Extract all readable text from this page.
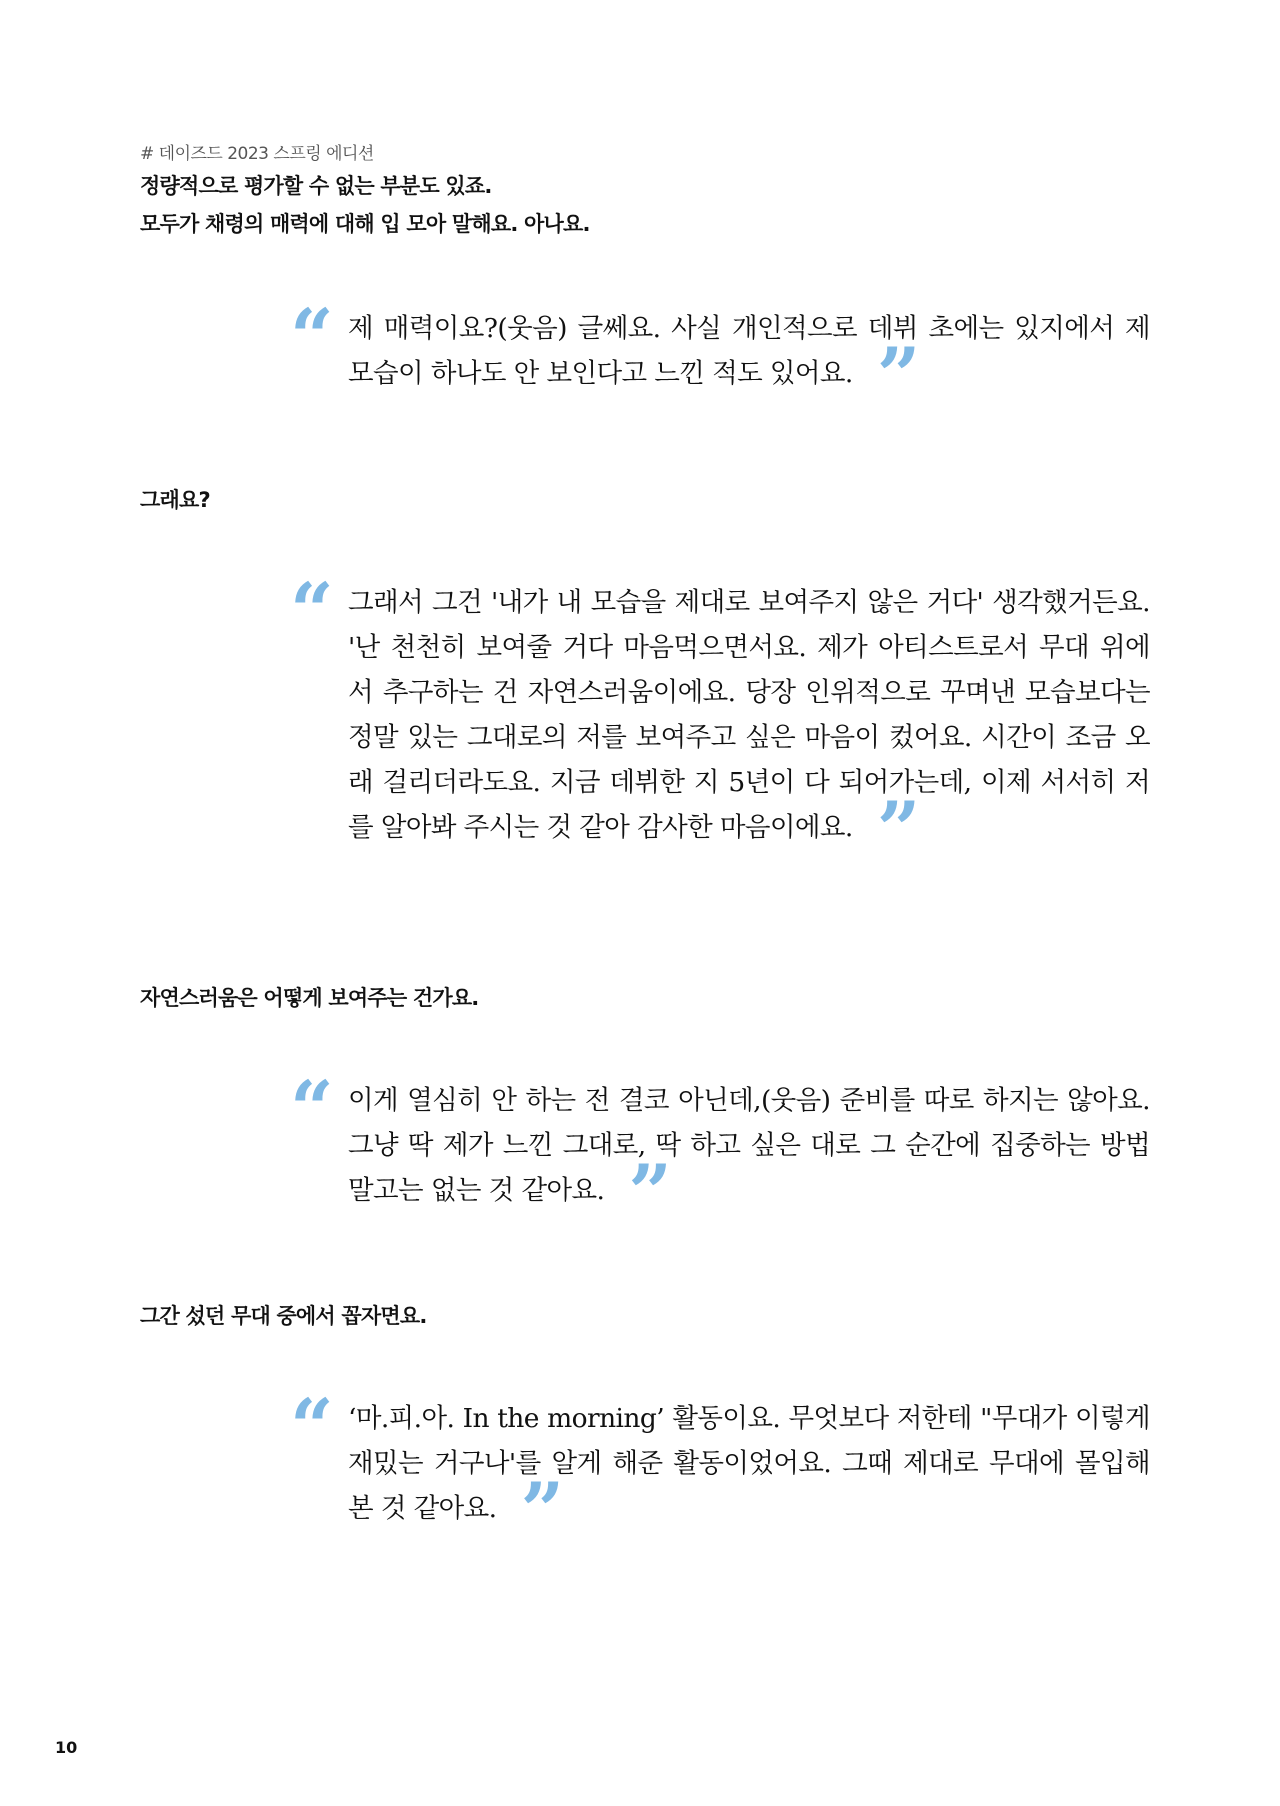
# 데이즈드 2023 스프링 에디션
정량적으로 평가할 수 없는 부분도 있죠.
모두가 채령의 매력에 대해 입 모아 말해요. 아나요.
“ 제 매력이요?(웃음) 글쎄요. 사실 개인적으로 데뷔 초에는 있지에서 제 모습이 하나도 안 보인다고 느낀 적도 있어요. ”
그래요?
“ 그래서 그건 '내가 내 모습을 제대로 보여주지 않은 거다' 생각했거든요. '난 천천히 보여줄 거다 마음먹으면서요. 제가 아티스트로서 무대 위에서 추구하는 건 자연스러움이에요. 당장 인위적으로 꾸며낸 모습보다는 정말 있는 그대로의 저를 보여주고 싶은 마음이 컸어요. 시간이 조금 오래 걸리더라도요. 지금 데뷔한 지 5년이 다 되어가는데, 이제 서서히 저를 알아봐 주시는 것 같아 감사한 마음이에요. ”
자연스러움은 어떻게 보여주는 건가요.
“ 이게 열심히 안 하는 전 결코 아닌데,(웃음) 준비를 따로 하지는 않아요. 그냥 딱 제가 느낀 그대로, 딱 하고 싶은 대로 그 순간에 집중하는 방법 말고는 없는 것 같아요. ”
그간 섰던 무대 중에서 꼽자면요.
“ ‘마.피.아. In the morning’ 활동이요. 무엇보다 저한테 "무대가 이렇게 재밌는 거구나'를 알게 해준 활동이었어요. 그때 제대로 무대에 몰입해 본 것 같아요. ”
10
